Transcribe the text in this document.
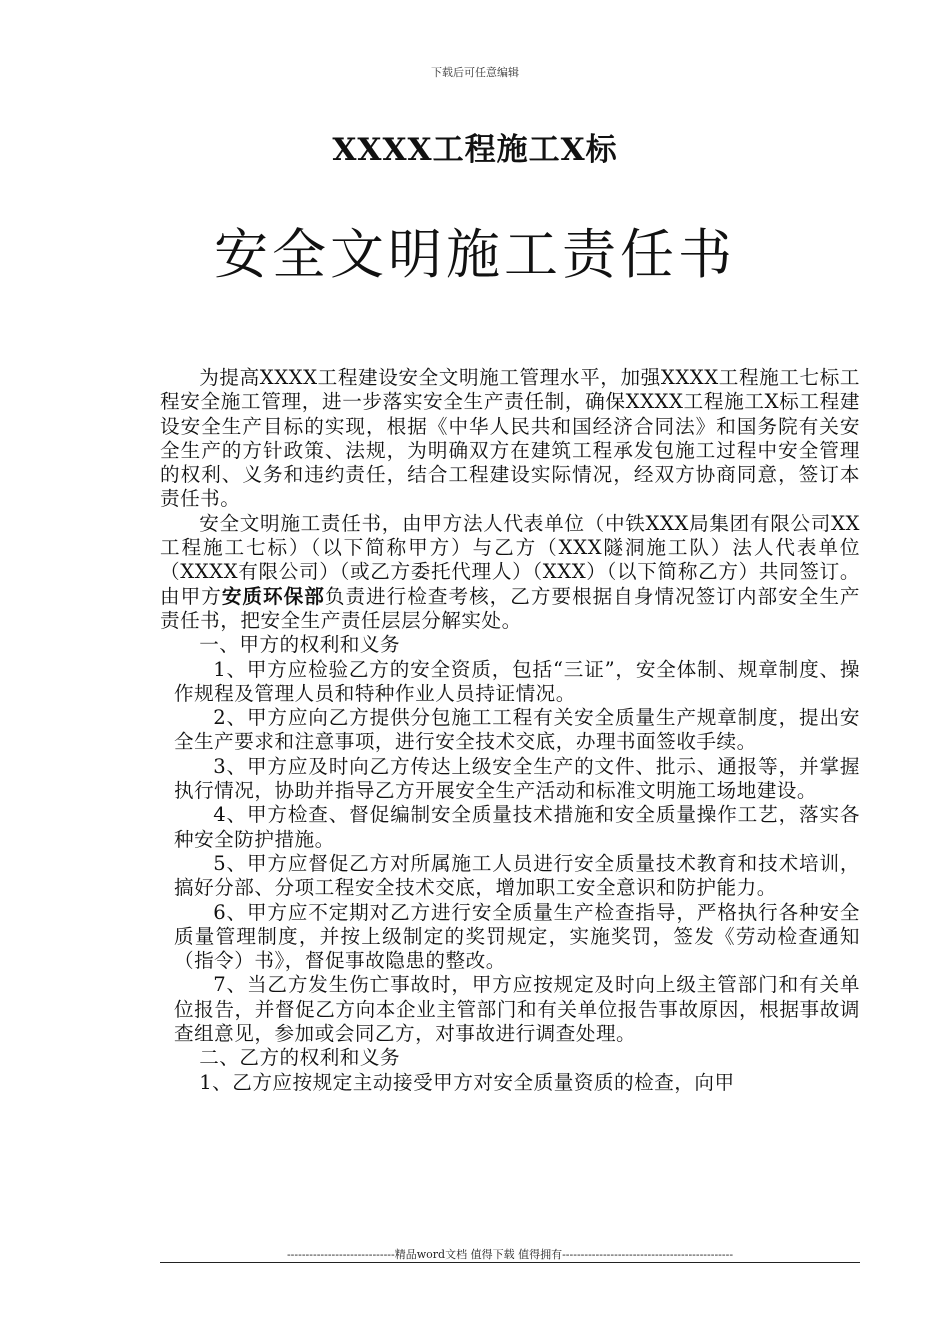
下载后可任意编辑
XXXX工程施工X标
安全文明施工责任书

为提高XXXX工程建设安全文明施工管理水平，加强XXXX工程施工七标工程安全施工管理，进一步落实安全生产责任制，确保XXXX工程施工X标工程建设安全生产目标的实现，根据《中华人民共和国经济合同法》和国务院有关安全生产的方针政策、法规，为明确双方在建筑工程承发包施工过程中安全管理的权利、义务和违约责任，结合工程建设实际情况，经双方协商同意，签订本责任书。

安全文明施工责任书，由甲方法人代表单位（中铁XXX局集团有限公司XX工程施工七标）（以下简称甲方）与乙方（XXX隧洞施工队）法人代表单位（XXXX有限公司）（或乙方委托代理人）（XXX）（以下简称乙方）共同签订。由甲方安质环保部负责进行检查考核，乙方要根据自身情况签订内部安全生产责任书，把安全生产责任层层分解实处。

一、甲方的权利和义务

1、甲方应检验乙方的安全资质，包括“三证”，安全体制、规章制度、操作规程及管理人员和特种作业人员持证情况。

2、甲方应向乙方提供分包施工工程有关安全质量生产规章制度，提出安全生产要求和注意事项，进行安全技术交底，办理书面签收手续。

3、甲方应及时向乙方传达上级安全生产的文件、批示、通报等，并掌握执行情况，协助并指导乙方开展安全生产活动和标准文明施工场地建设。

4、甲方检查、督促编制安全质量技术措施和安全质量操作工艺，落实各种安全防护措施。

5、甲方应督促乙方对所属施工人员进行安全质量技术教育和技术培训，搞好分部、分项工程安全技术交底，增加职工安全意识和防护能力。

6、甲方应不定期对乙方进行安全质量生产检查指导，严格执行各种安全质量管理制度，并按上级制定的奖罚规定，实施奖罚，签发《劳动检查通知（指令）书》，督促事故隐患的整改。

7、当乙方发生伤亡事故时，甲方应按规定及时向上级主管部门和有关单位报告，并督促乙方向本企业主管部门和有关单位报告事故原因，根据事故调查组意见，参加或会同乙方，对事故进行调查处理。

二、乙方的权利和义务

1、乙方应按规定主动接受甲方对安全质量资质的检查，向甲

-----------------------------精品word文档 值得下载 值得拥有----------------------------------------------
